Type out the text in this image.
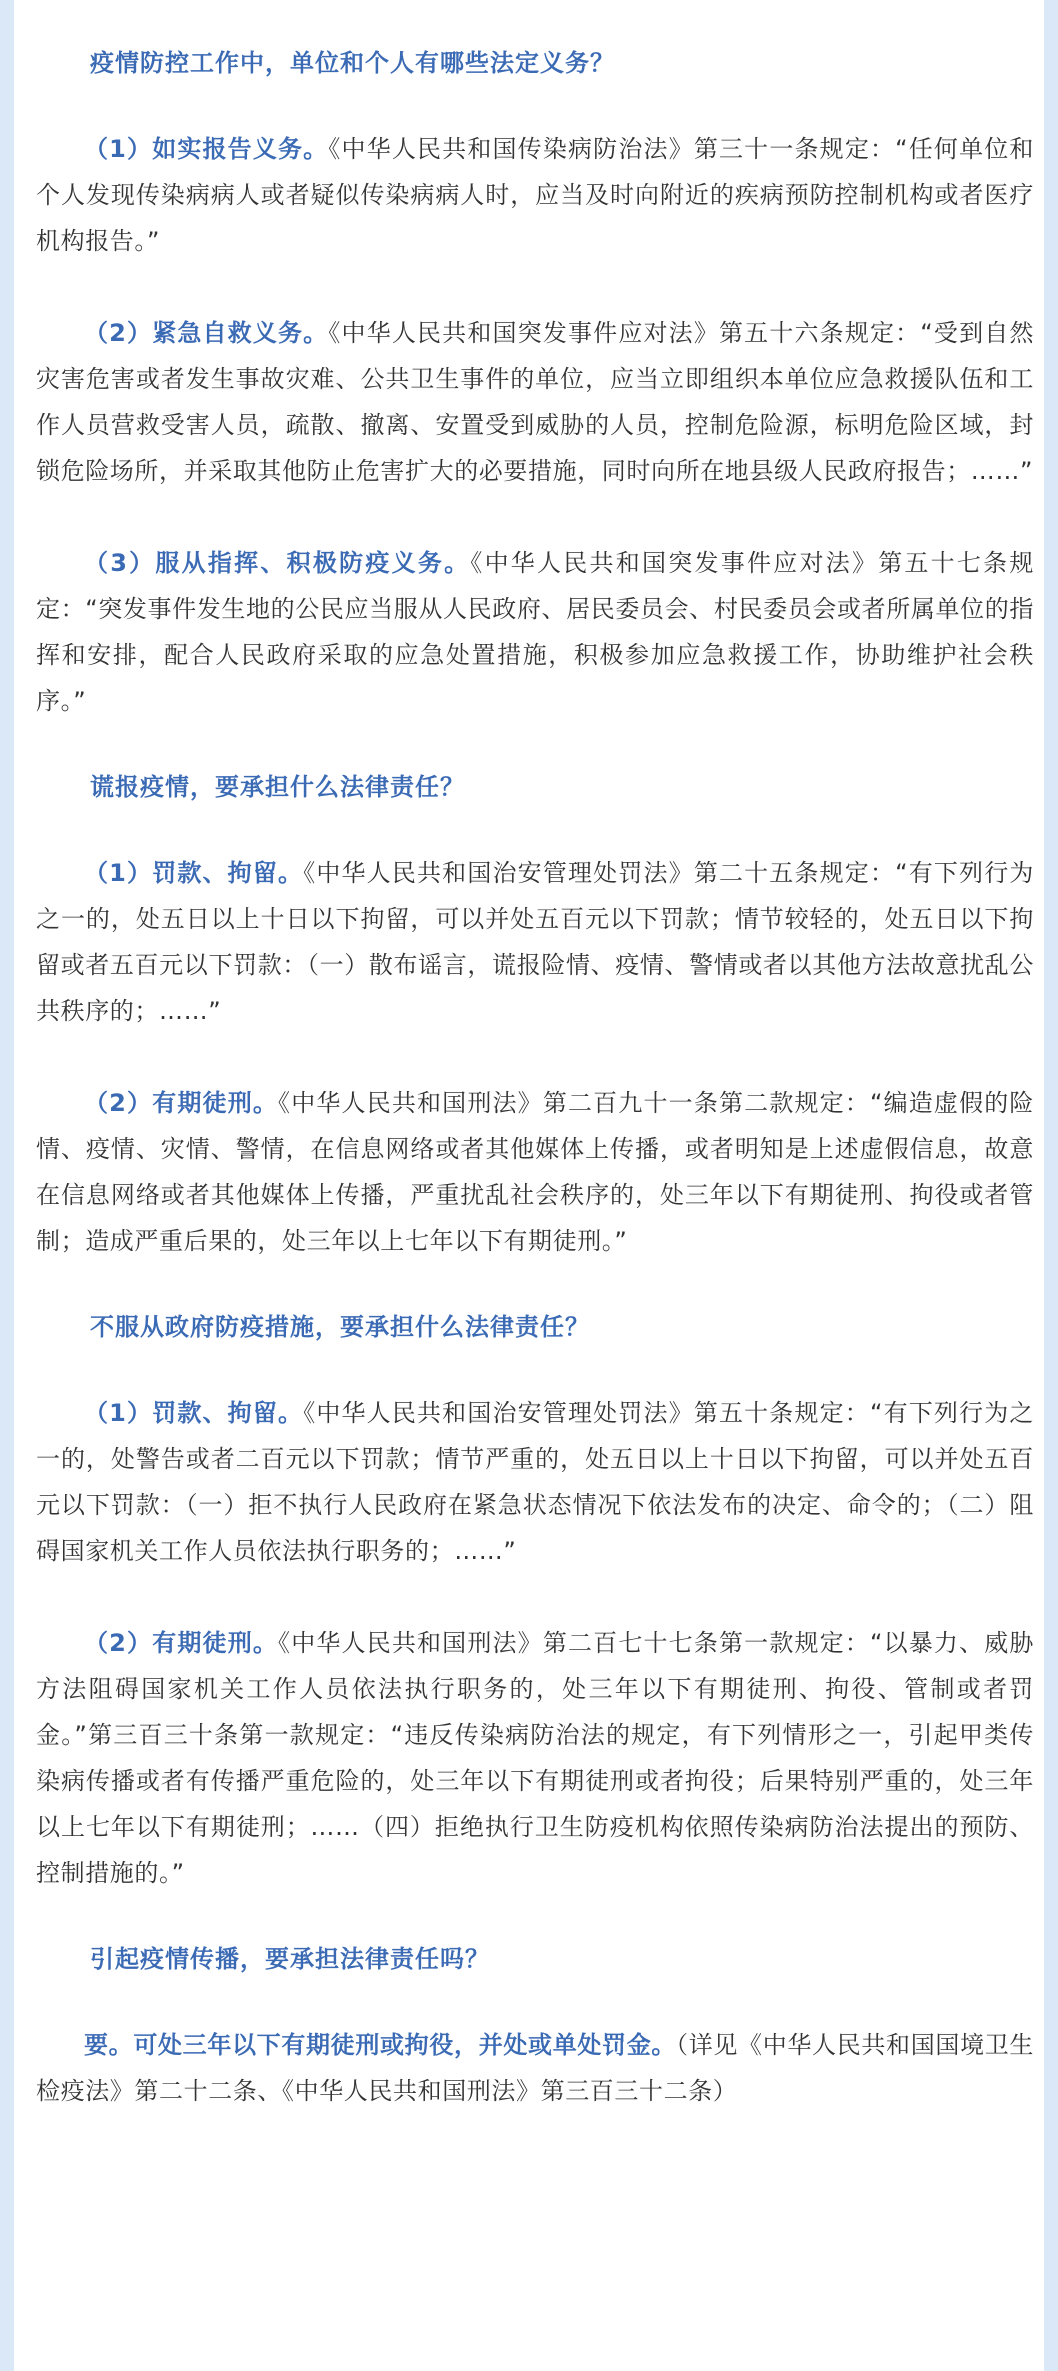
疫情防控工作中，单位和个人有哪些法定义务？

（1）如实报告义务。《中华人民共和国传染病防治法》第三十一条规定：“任何单位和个人发现传染病病人或者疑似传染病病人时，应当及时向附近的疾病预防控制机构或者医疗机构报告。”

（2）紧急自救义务。《中华人民共和国突发事件应对法》第五十六条规定：“受到自然灾害危害或者发生事故灾难、公共卫生事件的单位，应当立即组织本单位应急救援队伍和工作人员营救受害人员，疏散、撤离、安置受到威胁的人员，控制危险源，标明危险区域，封锁危险场所，并采取其他防止危害扩大的必要措施，同时向所在地县级人民政府报告；……”

（3）服从指挥、积极防疫义务。《中华人民共和国突发事件应对法》第五十七条规定：“突发事件发生地的公民应当服从人民政府、居民委员会、村民委员会或者所属单位的指挥和安排，配合人民政府采取的应急处置措施，积极参加应急救援工作，协助维护社会秩序。”

谎报疫情，要承担什么法律责任？

（1）罚款、拘留。《中华人民共和国治安管理处罚法》第二十五条规定：“有下列行为之一的，处五日以上十日以下拘留，可以并处五百元以下罚款；情节较轻的，处五日以下拘留或者五百元以下罚款：（一）散布谣言，谎报险情、疫情、警情或者以其他方法故意扰乱公共秩序的；……”

（2）有期徒刑。《中华人民共和国刑法》第二百九十一条第二款规定：“编造虚假的险情、疫情、灾情、警情，在信息网络或者其他媒体上传播，或者明知是上述虚假信息，故意在信息网络或者其他媒体上传播，严重扰乱社会秩序的，处三年以下有期徒刑、拘役或者管制；造成严重后果的，处三年以上七年以下有期徒刑。”

不服从政府防疫措施，要承担什么法律责任？

（1）罚款、拘留。《中华人民共和国治安管理处罚法》第五十条规定：“有下列行为之一的，处警告或者二百元以下罚款；情节严重的，处五日以上十日以下拘留，可以并处五百元以下罚款：（一）拒不执行人民政府在紧急状态情况下依法发布的决定、命令的；（二）阻碍国家机关工作人员依法执行职务的；……”

（2）有期徒刑。《中华人民共和国刑法》第二百七十七条第一款规定：“以暴力、威胁方法阻碍国家机关工作人员依法执行职务的，处三年以下有期徒刑、拘役、管制或者罚金。”第三百三十条第一款规定：“违反传染病防治法的规定，有下列情形之一，引起甲类传染病传播或者有传播严重危险的，处三年以下有期徒刑或者拘役；后果特别严重的，处三年以上七年以下有期徒刑；……（四）拒绝执行卫生防疫机构依照传染病防治法提出的预防、控制措施的。”

引起疫情传播，要承担法律责任吗？

要。可处三年以下有期徒刑或拘役，并处或单处罚金。（详见《中华人民共和国国境卫生检疫法》第二十二条、《中华人民共和国刑法》第三百三十二条）
